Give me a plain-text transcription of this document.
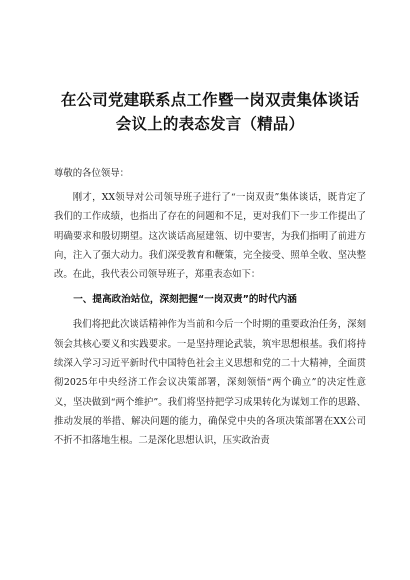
在公司党建联系点工作暨一岗双责集体谈话会议上的表态发言（精品）

尊敬的各位领导：

刚才，XX领导对公司领导班子进行了“一岗双责”集体谈话，既肯定了我们的工作成绩，也指出了存在的问题和不足，更对我们下一步工作提出了明确要求和殷切期望。这次谈话高屋建瓴、切中要害，为我们指明了前进方向，注入了强大动力。我们深受教育和鞭策，完全接受、照单全收、坚决整改。在此，我代表公司领导班子，郑重表态如下：

一、提高政治站位，深刻把握“一岗双责”的时代内涵

我们将把此次谈话精神作为当前和今后一个时期的重要政治任务，深刻领会其核心要义和实践要求。一是坚持理论武装，筑牢思想根基。我们将持续深入学习习近平新时代中国特色社会主义思想和党的二十大精神，全面贯彻2025年中央经济工作会议决策部署，深刻领悟“两个确立”的决定性意义，坚决做到“两个维护”。我们将坚持把学习成果转化为谋划工作的思路、推动发展的举措、解决问题的能力，确保党中央的各项决策部署在XX公司不折不扣落地生根。二是深化思想认识，压实政治责
